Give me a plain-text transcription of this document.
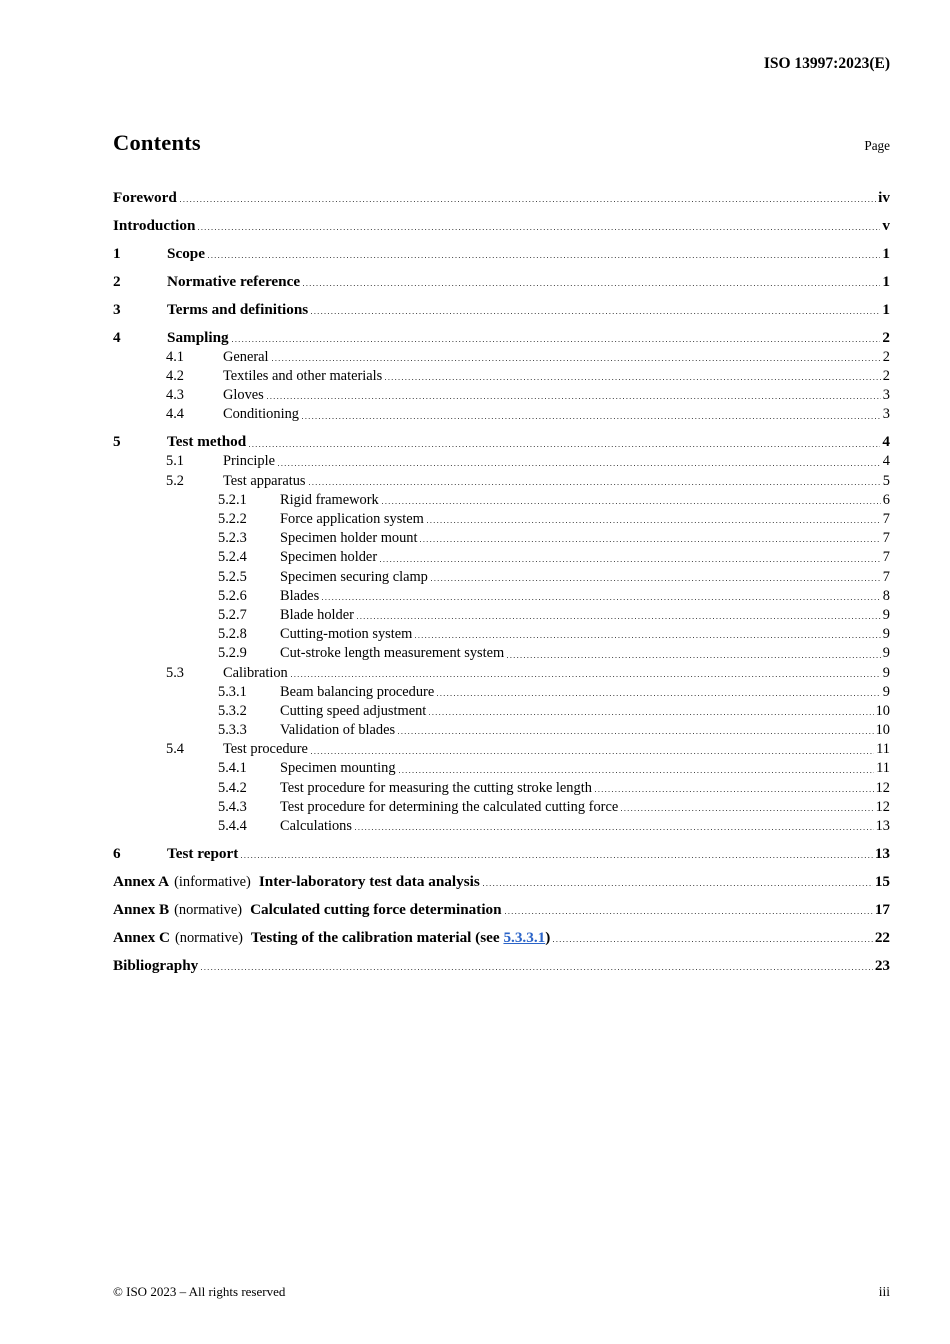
ISO 13997:2023(E)
Contents	Page
Foreword	iv
Introduction	v
1	Scope	1
2	Normative reference	1
3	Terms and definitions	1
4	Sampling	2
4.1	General	2
4.2	Textiles and other materials	2
4.3	Gloves	3
4.4	Conditioning	3
5	Test method	4
5.1	Principle	4
5.2	Test apparatus	5
5.2.1	Rigid framework	6
5.2.2	Force application system	7
5.2.3	Specimen holder mount	7
5.2.4	Specimen holder	7
5.2.5	Specimen securing clamp	7
5.2.6	Blades	8
5.2.7	Blade holder	9
5.2.8	Cutting-motion system	9
5.2.9	Cut-stroke length measurement system	9
5.3	Calibration	9
5.3.1	Beam balancing procedure	9
5.3.2	Cutting speed adjustment	10
5.3.3	Validation of blades	10
5.4	Test procedure	11
5.4.1	Specimen mounting	11
5.4.2	Test procedure for measuring the cutting stroke length	12
5.4.3	Test procedure for determining the calculated cutting force	12
5.4.4	Calculations	13
6	Test report	13
Annex A (informative) Inter-laboratory test data analysis	15
Annex B (normative) Calculated cutting force determination	17
Annex C (normative) Testing of the calibration material (see 5.3.3.1)	22
Bibliography	23
© ISO 2023 – All rights reserved	iii
